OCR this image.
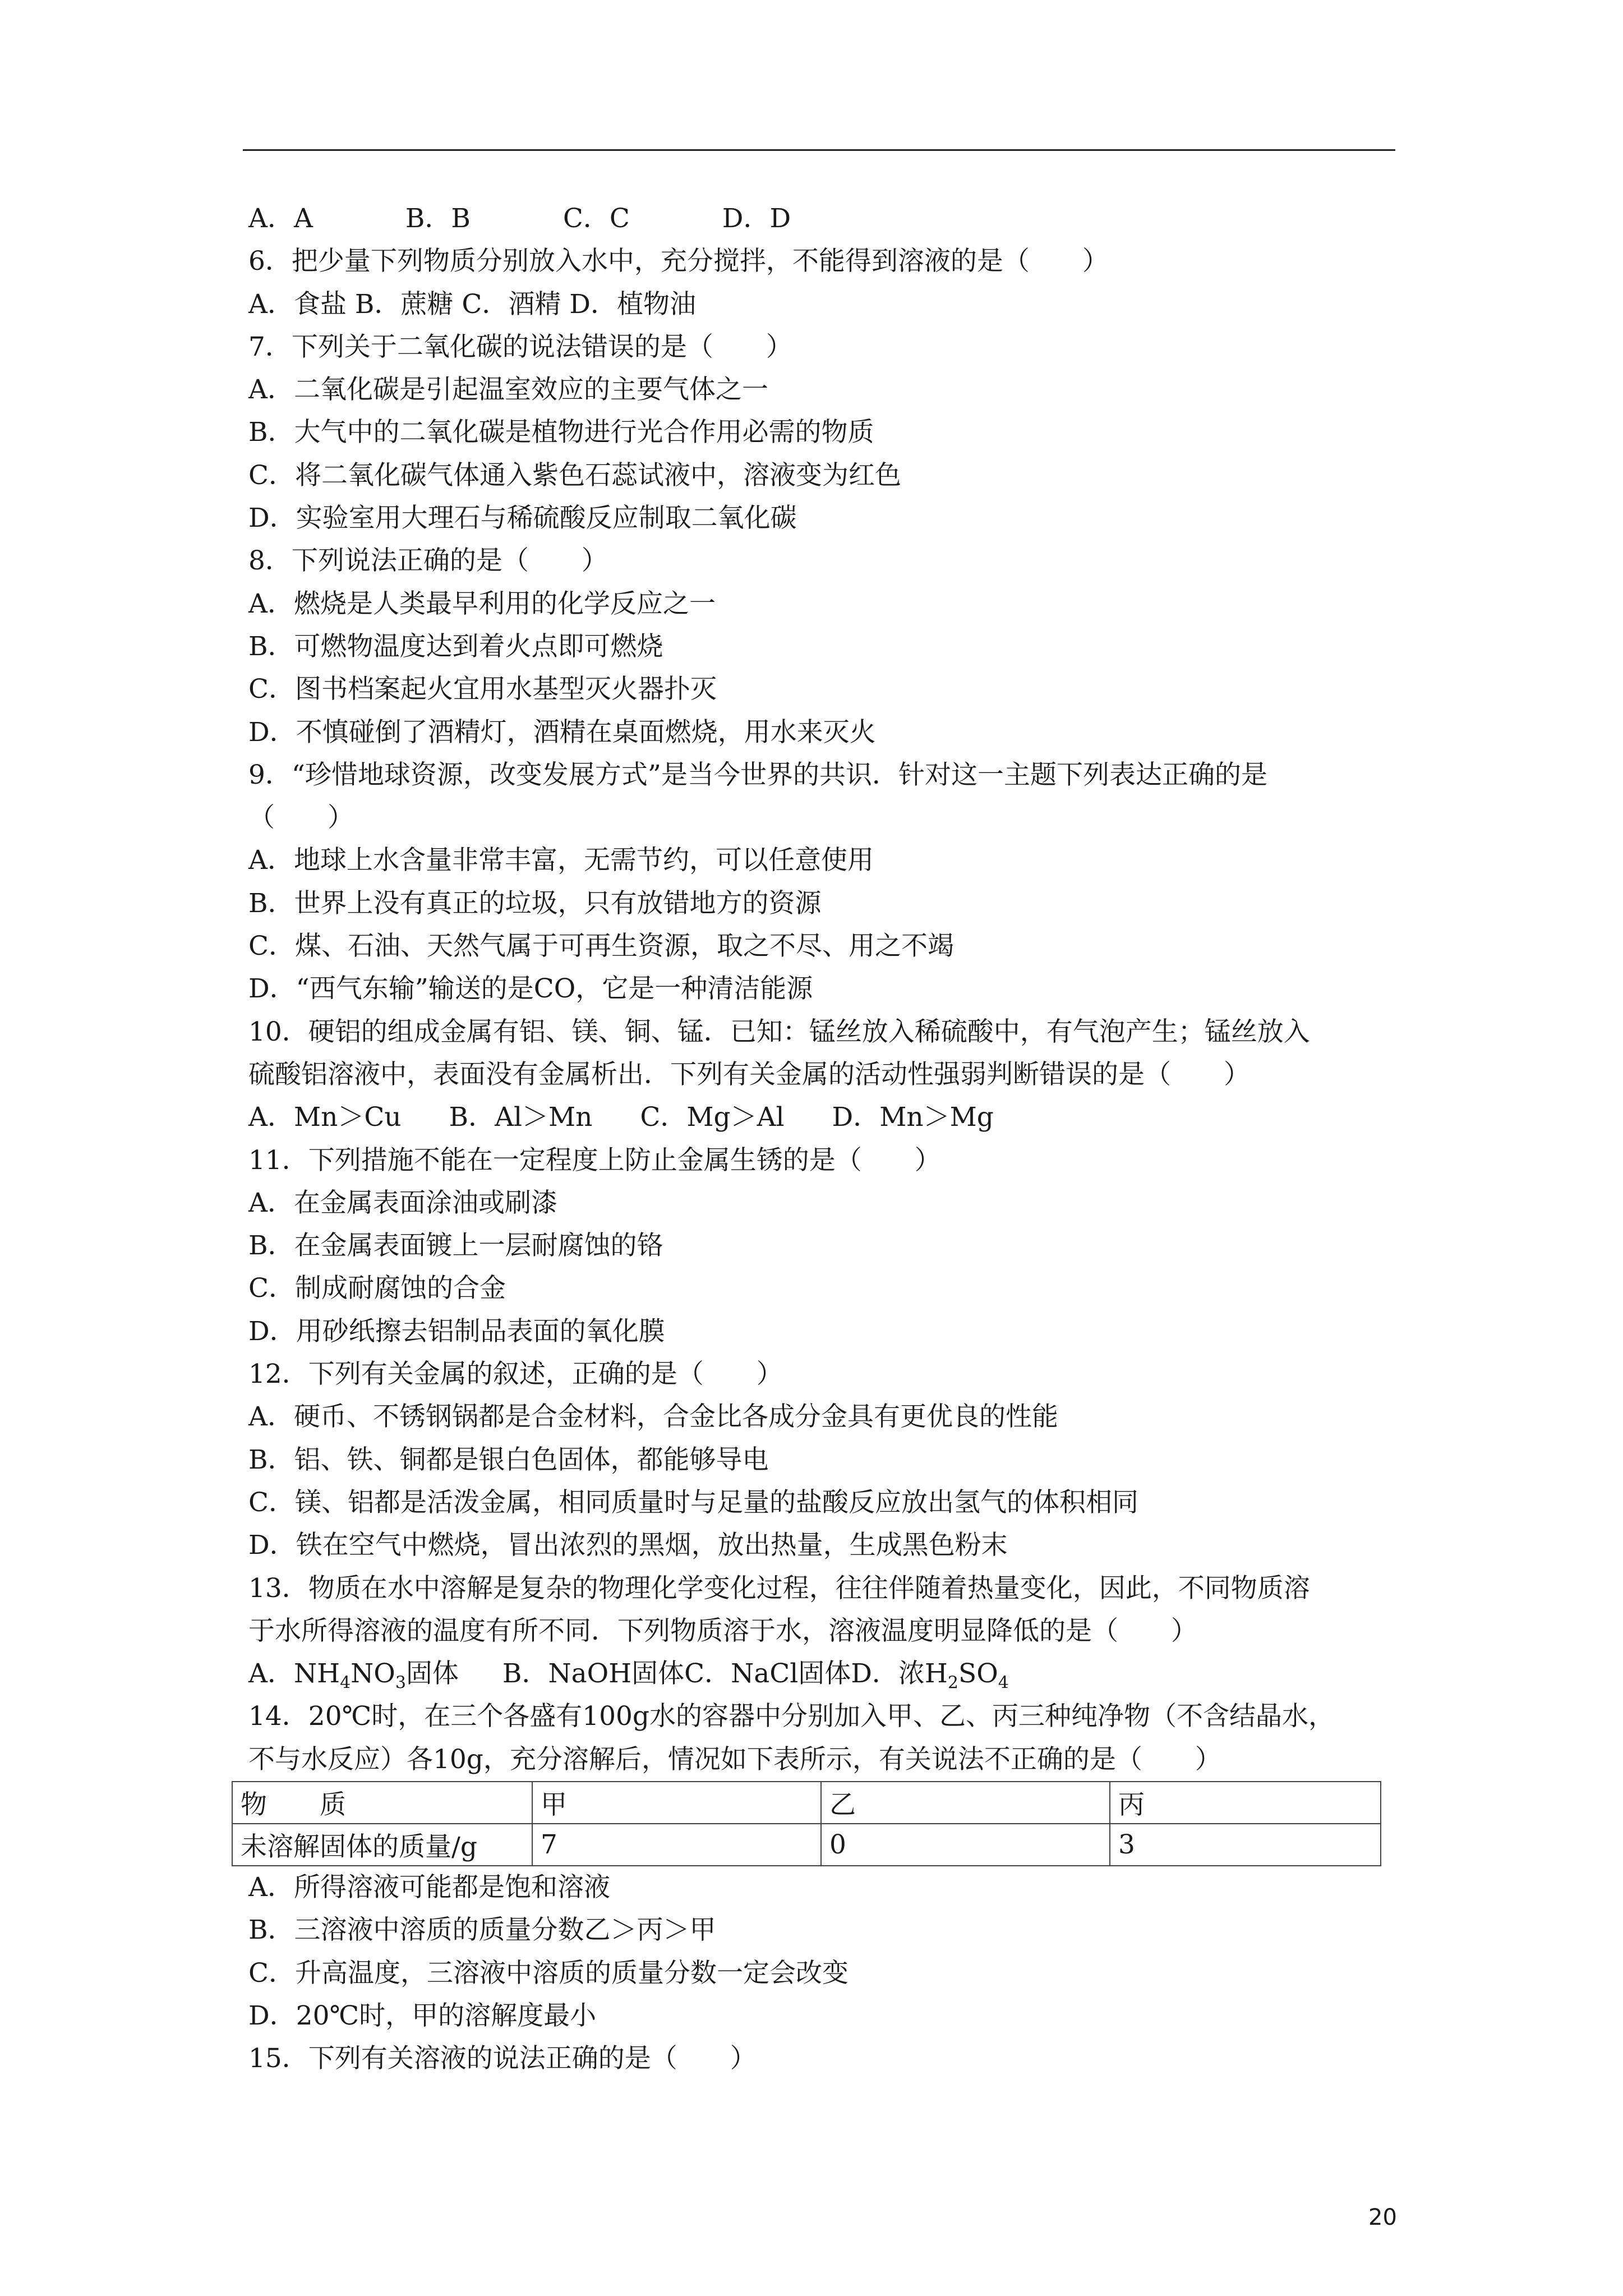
A．A	B．B	C．C	D．D
6．把少量下列物质分别放入水中，充分搅拌，不能得到溶液的是（　　）
A．食盐 B．蔗糖 C．酒精 D．植物油
7．下列关于二氧化碳的说法错误的是（　　）
A．二氧化碳是引起温室效应的主要气体之一
B．大气中的二氧化碳是植物进行光合作用必需的物质
C．将二氧化碳气体通入紫色石蕊试液中，溶液变为红色
D．实验室用大理石与稀硫酸反应制取二氧化碳
8．下列说法正确的是（　　）
A．燃烧是人类最早利用的化学反应之一
B．可燃物温度达到着火点即可燃烧
C．图书档案起火宜用水基型灭火器扑灭
D．不慎碰倒了酒精灯，酒精在桌面燃烧，用水来灭火
9．“珍惜地球资源，改变发展方式”是当今世界的共识．针对这一主题下列表达正确的是
（　　）
A．地球上水含量非常丰富，无需节约，可以任意使用
B．世界上没有真正的垃圾，只有放错地方的资源
C．煤、石油、天然气属于可再生资源，取之不尽、用之不竭
D．“西气东输”输送的是CO，它是一种清洁能源
10．硬铝的组成金属有铝、镁、铜、锰．已知：锰丝放入稀硫酸中，有气泡产生；锰丝放入
硫酸铝溶液中，表面没有金属析出．下列有关金属的活动性强弱判断错误的是（　　）
A．Mn＞Cu B．Al＞Mn C．Mg＞Al D．Mn＞Mg
11．下列措施不能在一定程度上防止金属生锈的是（　　）
A．在金属表面涂油或刷漆
B．在金属表面镀上一层耐腐蚀的铬
C．制成耐腐蚀的合金
D．用砂纸擦去铝制品表面的氧化膜
12．下列有关金属的叙述，正确的是（　　）
A．硬币、不锈钢锅都是合金材料，合金比各成分金具有更优良的性能
B．铝、铁、铜都是银白色固体，都能够导电
C．镁、铝都是活泼金属，相同质量时与足量的盐酸反应放出氢气的体积相同
D．铁在空气中燃烧，冒出浓烈的黑烟，放出热量，生成黑色粉末
13．物质在水中溶解是复杂的物理化学变化过程，往往伴随着热量变化，因此，不同物质溶
于水所得溶液的温度有所不同．下列物质溶于水，溶液温度明显降低的是（　　）
A．$NH_4NO_3$固体 B．NaOH固体C．NaCl固体D．浓$H_2SO_4$
14．20℃时，在三个各盛有100g水的容器中分别加入甲、乙、丙三种纯净物（不含结晶水，
不与水反应）各10g，充分溶解后，情况如下表所示，有关说法不正确的是（　　）
物　　质	甲	乙	丙
未溶解固体的质量/g	7	0	3
A．所得溶液可能都是饱和溶液
B．三溶液中溶质的质量分数乙＞丙＞甲
C．升高温度，三溶液中溶质的质量分数一定会改变
D．20℃时，甲的溶解度最小
15．下列有关溶液的说法正确的是（　　）
20
